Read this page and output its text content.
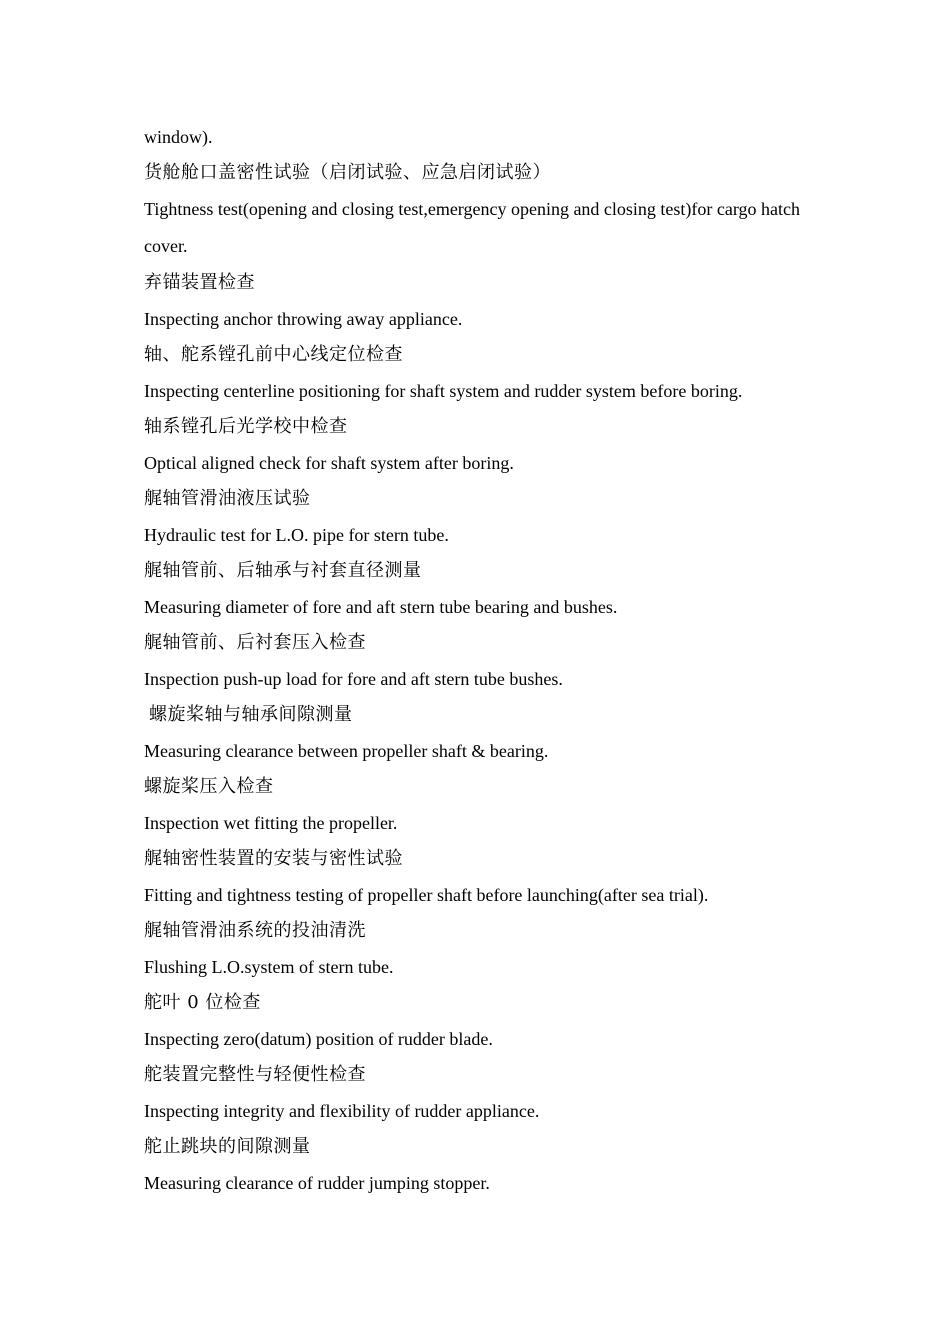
window).
货舱舱口盖密性试验（启闭试验、应急启闭试验）
Tightness test(opening and closing test,emergency opening and closing test)for cargo hatch cover.
弃锚装置检查
Inspecting anchor throwing away appliance.
轴、舵系镗孔前中心线定位检查
Inspecting centerline positioning for shaft system and rudder system before boring.
轴系镗孔后光学校中检查
Optical aligned check for shaft system after boring.
艉轴管滑油液压试验
Hydraulic test for L.O. pipe for stern tube.
艉轴管前、后轴承与衬套直径测量
Measuring diameter of fore and aft stern tube bearing and bushes.
艉轴管前、后衬套压入检查
Inspection push-up load for fore and aft stern tube bushes.
螺旋桨轴与轴承间隙测量
Measuring clearance between propeller shaft & bearing.
螺旋桨压入检查
Inspection wet fitting the propeller.
艉轴密性装置的安装与密性试验
Fitting and tightness testing of propeller shaft before launching(after sea trial).
艉轴管滑油系统的投油清洗
Flushing L.O.system of stern tube.
舵叶 0 位检查
Inspecting zero(datum) position of rudder blade.
舵装置完整性与轻便性检查
Inspecting integrity and flexibility of rudder appliance.
舵止跳块的间隙测量
Measuring clearance of rudder jumping stopper.
